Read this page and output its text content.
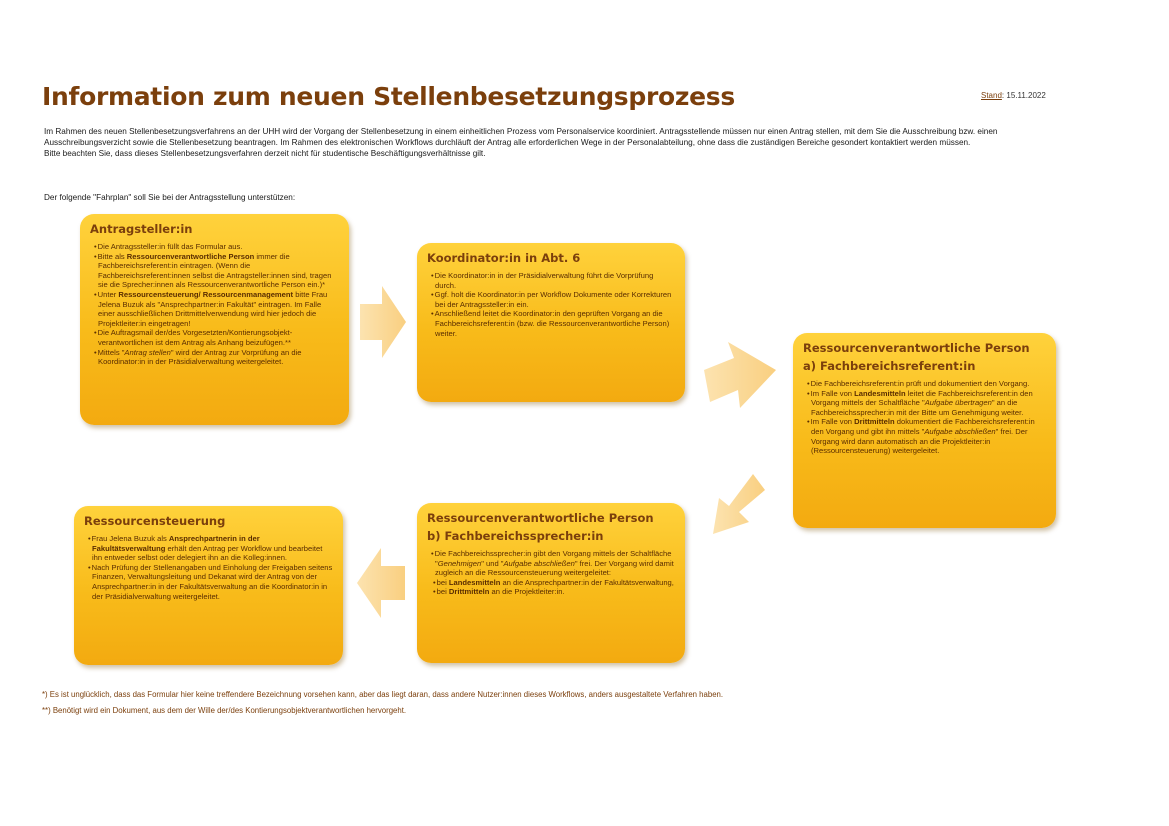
Information zum neuen Stellenbesetzungsprozess	Stand: 15.11.2022

Im Rahmen des neuen Stellenbesetzungsverfahrens an der UHH wird der Vorgang der Stellenbesetzung in einem einheitlichen Prozess vom Personalservice koordiniert. Antragsstellende müssen nur einen Antrag stellen, mit dem Sie die Ausschreibung bzw. einen Ausschreibungsverzicht sowie die Stellenbesetzung beantragen. Im Rahmen des elektronischen Workflows durchläuft der Antrag alle erforderlichen Wege in der Personalabteilung, ohne dass die zuständigen Bereiche gesondert kontaktiert werden müssen.

Bitte beachten Sie, dass dieses Stellenbesetzungsverfahren derzeit nicht für studentische Beschäftigungsverhältnisse gilt.

Der folgende "Fahrplan" soll Sie bei der Antragsstellung unterstützen:
Antragsteller:in
• Die Antragssteller:in füllt das Formular aus.
• Bitte als Ressourcenverantwortliche Person immer die Fachbereichsreferent:in eintragen. (Wenn die Fachbereichsreferent:innen selbst die Antragsteller:innen sind, tragen sie die Sprecher:innen als Ressourcenverantwortliche Person ein.)*
• Unter Ressourcensteuerung/ Ressourcenmanagement bitte Frau Jelena Buzuk als "Ansprechpartner:in Fakultät" eintragen. Im Falle einer ausschließlichen Drittmittelverwendung wird hier jedoch die Projektleiter:in eingetragen!
• Die Auftragsmail der/des Vorgesetzten/Kontierungsobjekt-verantwortlichen ist dem Antrag als Anhang beizufügen.**
• Mittels "Antrag stellen" wird der Antrag zur Vorprüfung an die Koordinator:in in der Präsidialverwaltung weitergeleitet.
Koordinator:in in Abt. 6
• Die Koordinator:in in der Präsidialverwaltung führt die Vorprüfung durch.
• Ggf. holt die Koordinator:in per Workflow Dokumente oder Korrekturen bei der Antragssteller:in ein.
• Anschließend leitet die Koordinator:in den geprüften Vorgang an die Fachbereichsreferent:in (bzw. die Ressourcenverantwortliche Person) weiter.
Ressourcenverantwortliche Person
a) Fachbereichsreferent:in
• Die Fachbereichsreferent:in prüft und dokumentiert den Vorgang.
• Im Falle von Landesmitteln leitet die Fachbereichsreferent:in den Vorgang mittels der Schaltfläche "Aufgabe übertragen" an die Fachbereichssprecher:in mit der Bitte um Genehmigung weiter.
• Im Falle von Drittmitteln dokumentiert die Fachbereichsreferent:in den Vorgang und gibt ihn mittels "Aufgabe abschließen" frei. Der Vorgang wird dann automatisch an die Projektleiter:in (Ressourcensteuerung) weitergeleitet.
Ressourcenverantwortliche Person
b) Fachbereichssprecher:in
• Die Fachbereichssprecher:in gibt den Vorgang mittels der Schaltfläche "Genehmigen" und "Aufgabe abschließen" frei. Der Vorgang wird damit zugleich an die Ressourcensteuerung weitergeleitet:
• bei Landesmitteln an die Ansprechpartner:in der Fakultätsverwaltung,
• bei Drittmitteln an die Projektleiter:in.
Ressourcensteuerung
• Frau Jelena Buzuk als Ansprechpartnerin in der Fakultätsverwaltung erhält den Antrag per Workflow und bearbeitet ihn entweder selbst oder delegiert ihn an die Kolleg:innen.
• Nach Prüfung der Stellenangaben und Einholung der Freigaben seitens Finanzen, Verwaltungsleitung und Dekanat wird der Antrag von der Ansprechpartner:in in der Fakultätsverwaltung an die Koordinator:in in der Präsidialverwaltung weitergeleitet.
*) Es ist unglücklich, dass das Formular hier keine treffendere Bezeichnung vorsehen kann, aber das liegt daran, dass andere Nutzer:innen dieses Workflows, anders ausgestaltete Verfahren haben.
**) Benötigt wird ein Dokument, aus dem der Wille der/des Kontierungsobjektverantwortlichen hervorgeht.
